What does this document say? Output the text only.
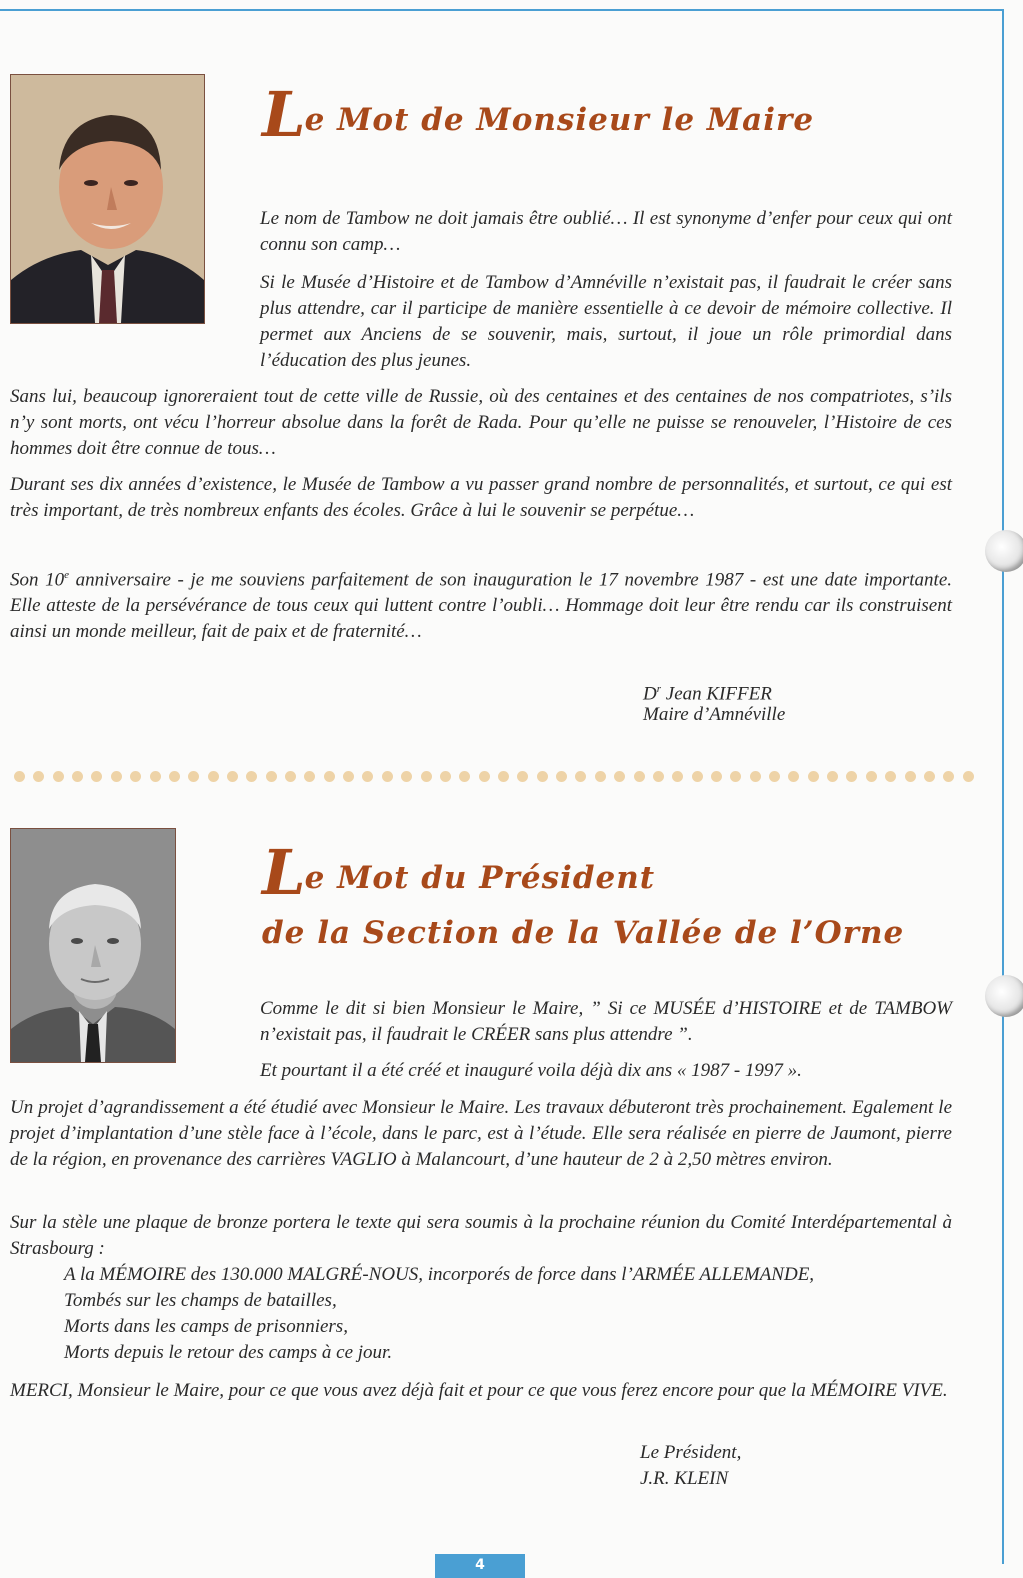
Le Mot de Monsieur le Maire

Le nom de Tambow ne doit jamais être oublié… Il est synonyme d’enfer pour ceux qui ont connu son camp…

Si le Musée d’Histoire et de Tambow d’Amnéville n’existait pas, il faudrait le créer sans plus attendre, car il participe de manière essentielle à ce devoir de mémoire collective. Il permet aux Anciens de se souvenir, mais, surtout, il joue un rôle primordial dans l’éducation des plus jeunes.

Sans lui, beaucoup ignoreraient tout de cette ville de Russie, où des centaines et des centaines de nos compatriotes, s’ils n’y sont morts, ont vécu l’horreur absolue dans la forêt de Rada. Pour qu’elle ne puisse se renouveler, l’Histoire de ces hommes doit être connue de tous…

Durant ses dix années d’existence, le Musée de Tambow a vu passer grand nombre de personnalités, et surtout, ce qui est très important, de très nombreux enfants des écoles. Grâce à lui le souvenir se perpétue…

Son 10e anniversaire - je me souviens parfaitement de son inauguration le 17 novembre 1987 - est une date importante. Elle atteste de la persévérance de tous ceux qui luttent contre l’oubli… Hommage doit leur être rendu car ils construisent ainsi un monde meilleur, fait de paix et de fraternité…

$D^r$ Jean KIFFER
Maire d’Amnéville
Le Mot du Président
de la Section de la Vallée de l’Orne

Comme le dit si bien Monsieur le Maire, ” Si ce MUSÉE d’HISTOIRE et de TAMBOW n’existait pas, il faudrait le CRÉER sans plus attendre ”.

Et pourtant il a été créé et inauguré voila déjà dix ans « 1987 - 1997 ».

Un projet d’agrandissement a été étudié avec Monsieur le Maire. Les travaux débuteront très prochainement. Egalement le projet d’implantation d’une stèle face à l’école, dans le parc, est à l’étude. Elle sera réalisée en pierre de Jaumont, pierre de la région, en provenance des carrières VAGLIO à Malancourt, d’une hauteur de 2 à 2,50 mètres environ.

Sur la stèle une plaque de bronze portera le texte qui sera soumis à la prochaine réunion du Comité Interdépartemental à Strasbourg :

A la MÉMOIRE des 130.000 MALGRÉ-NOUS, incorporés de force dans l’ARMÉE ALLEMANDE,
Tombés sur les champs de batailles,
Morts dans les camps de prisonniers,
Morts depuis le retour des camps à ce jour.

MERCI, Monsieur le Maire, pour ce que vous avez déjà fait et pour ce que vous ferez encore pour que la MÉMOIRE VIVE.

Le Président,
J.R. KLEIN
4
